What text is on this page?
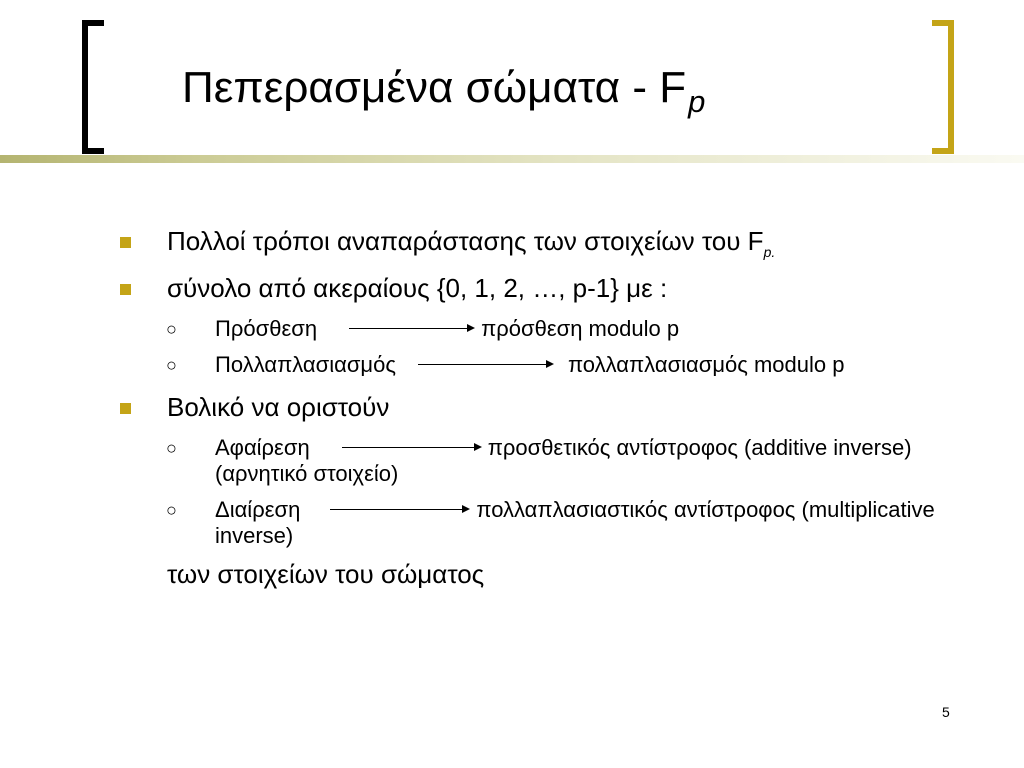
Πεπερασμένα σώματα - $F_p$
Πολλοί τρόποι αναπαράστασης των στοιχείων του $F_{p.}$
σύνολο από ακεραίους {0, 1, 2, …, p-1} με :
○ Πρόσθεση	πρόσθεση modulo p
○ Πολλαπλασιασμός	πολλαπλασιασμός modulo p
Βολικό να οριστούν
○ Αφαίρεση	προσθετικός αντίστροφος (additive inverse) (αρνητικό στοιχείο)
○ Διαίρεση	πολλαπλασιαστικός αντίστροφος (multiplicative inverse)
των στοιχείων του σώματος
5
